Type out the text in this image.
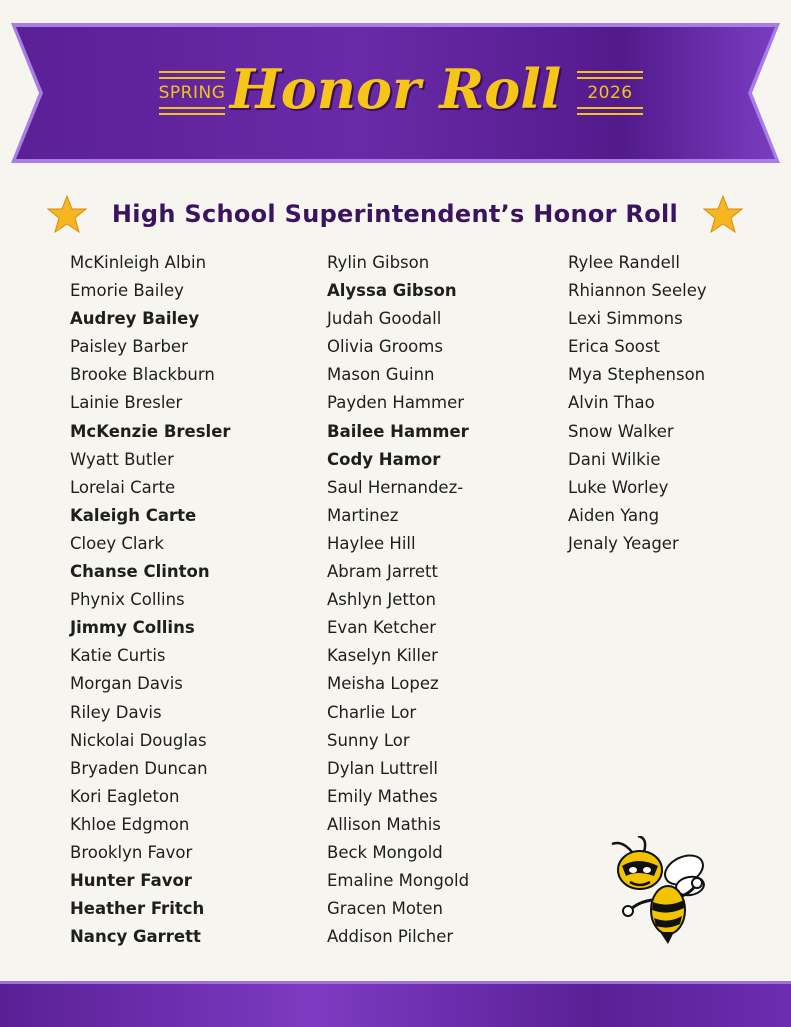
SPRING Honor Roll	2026
High School Superintendent’s Honor Roll
McKinleigh Albin
Emorie Bailey
Audrey Bailey
Paisley Barber
Brooke Blackburn
Lainie Bresler
McKenzie Bresler
Wyatt Butler
Lorelai Carte
Kaleigh Carte
Cloey Clark
Chanse Clinton
Phynix Collins
Jimmy Collins
Katie Curtis
Morgan Davis
Riley Davis
Nickolai Douglas
Bryaden Duncan
Kori Eagleton
Khloe Edgmon
Brooklyn Favor
Hunter Favor
Heather Fritch
Nancy Garrett
Rylin Gibson
Alyssa Gibson
Judah Goodall
Olivia Grooms
Mason Guinn
Payden Hammer
Bailee Hammer
Cody Hamor
Saul Hernandez-
Martinez
Haylee Hill
Abram Jarrett
Ashlyn Jetton
Evan Ketcher
Kaselyn Killer
Meisha Lopez
Charlie Lor
Sunny Lor
Dylan Luttrell
Emily Mathes
Allison Mathis
Beck Mongold
Emaline Mongold
Gracen Moten
Addison Pilcher
Rylee Randell
Rhiannon Seeley
Lexi Simmons
Erica Soost
Mya Stephenson
Alvin Thao
Snow Walker
Dani Wilkie
Luke Worley
Aiden Yang
Jenaly Yeager
